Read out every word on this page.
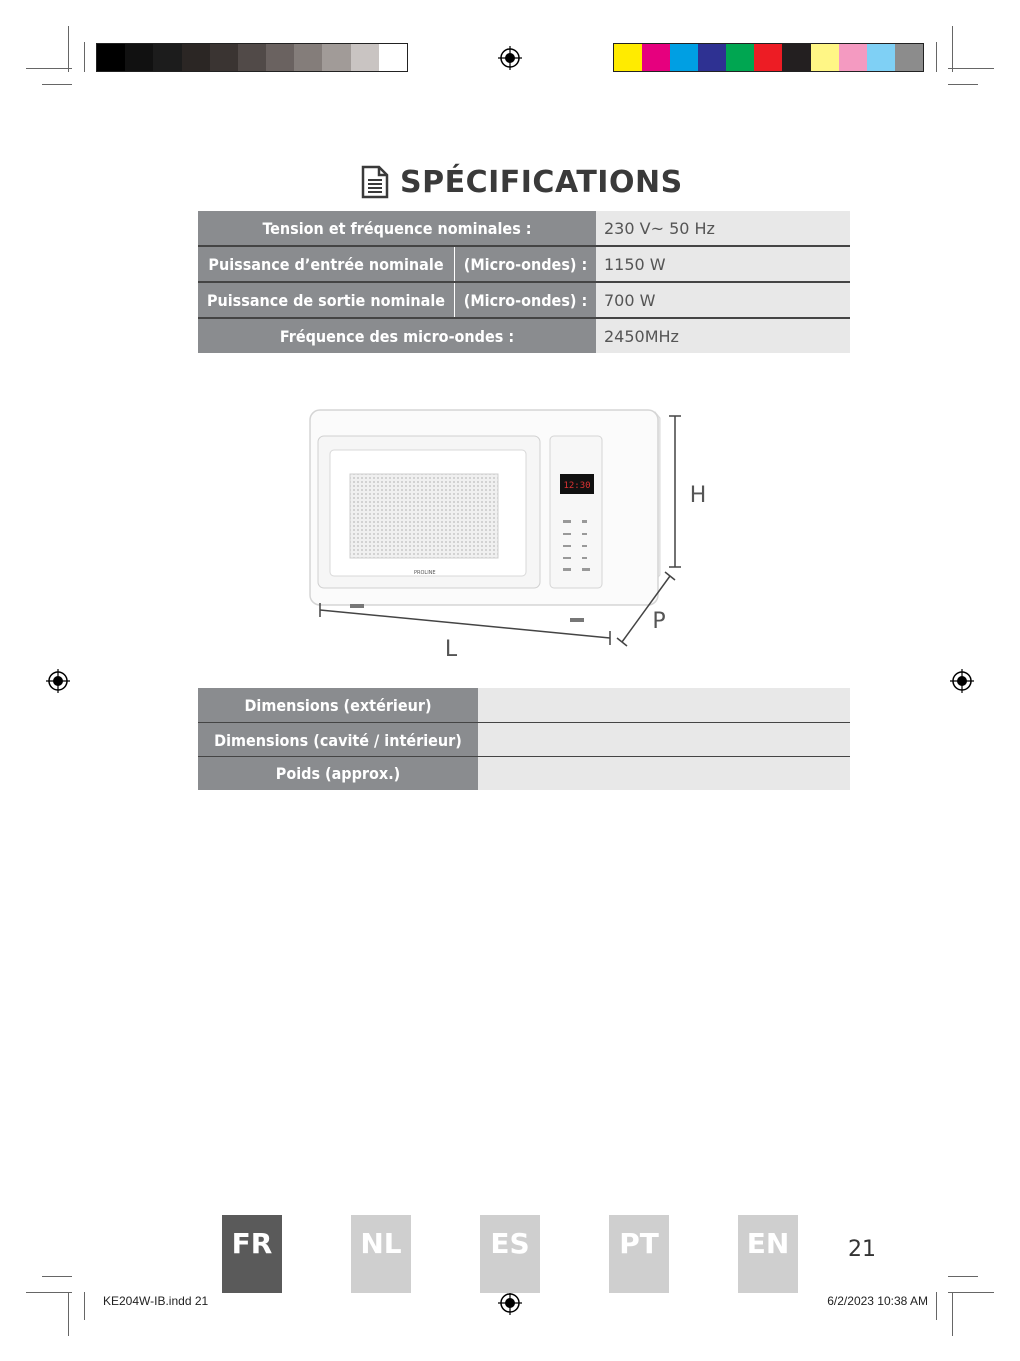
SPÉCIFICATIONS
Tension et fréquence nominales :	230 V~ 50 Hz
Puissance d’entrée nominale	(Micro-ondes) :	1150 W
Puissance de sortie nominale	(Micro-ondes) :	700 W
Fréquence des micro-ondes :	2450MHz
PROLINE
12:30	H
P
L
Dimensions (extérieur)
Dimensions (cavité / intérieur)
Poids (approx.)
FR	NL	ES	PT	EN	21
KE204W-IB.indd 21	6/2/2023 10:38 AM
